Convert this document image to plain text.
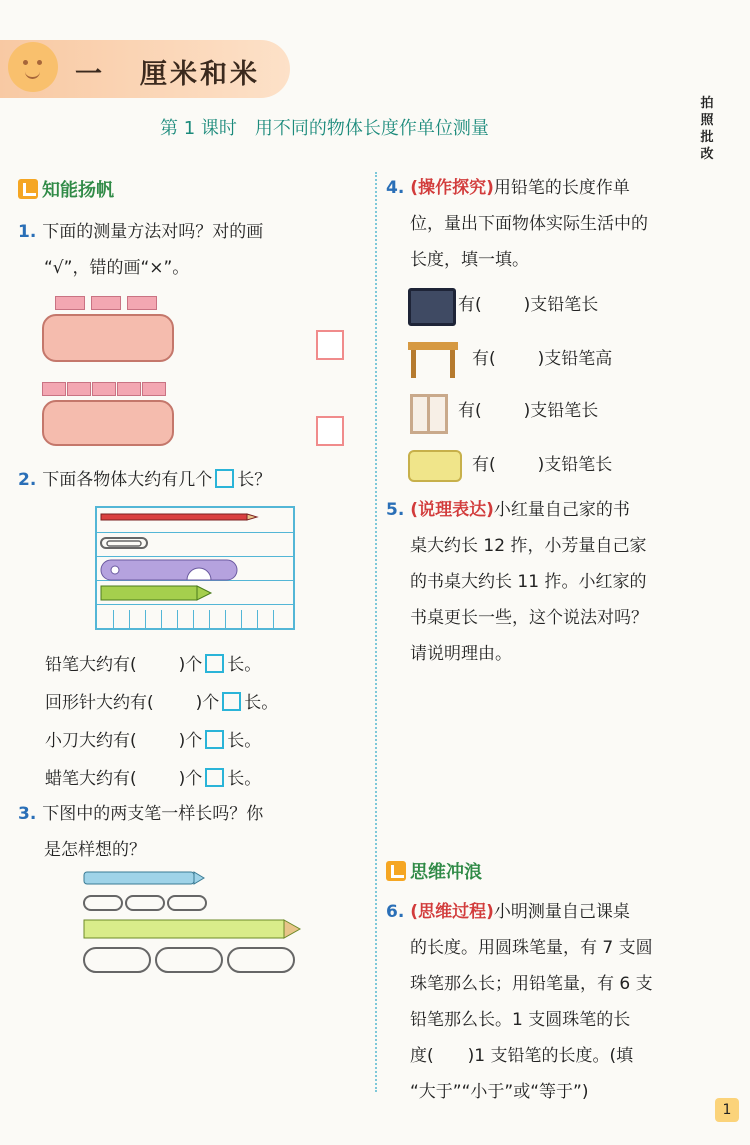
一 厘米和米
第 1 课时 用不同的物体长度作单位测量
拍照批改
知能扬帆
1. 下面的测量方法对吗？对的画
“√”，错的画“×”。
2. 下面各物体大约有几个 长？
铅笔大约有( )个 长。
回形针大约有( )个 长。
小刀大约有( )个 长。
蜡笔大约有( )个 长。
3. 下图中的两支笔一样长吗？你
是怎样想的？
4. (操作探究)用铅笔的长度作单
位，量出下面物体实际生活中的
长度，填一填。
有( )支铅笔长
有( )支铅笔高
有( )支铅笔长
有( )支铅笔长
5. (说理表达)小红量自己家的书
桌大约长 12 拃，小芳量自己家
的书桌大约长 11 拃。小红家的
书桌更长一些，这个说法对吗？
请说明理由。
思维冲浪
6. (思维过程)小明测量自己课桌
的长度。用圆珠笔量，有 7 支圆
珠笔那么长；用铅笔量，有 6 支
铅笔那么长。1 支圆珠笔的长
度(　　)1 支铅笔的长度。(填
“大于”“小于”或“等于”)
1
